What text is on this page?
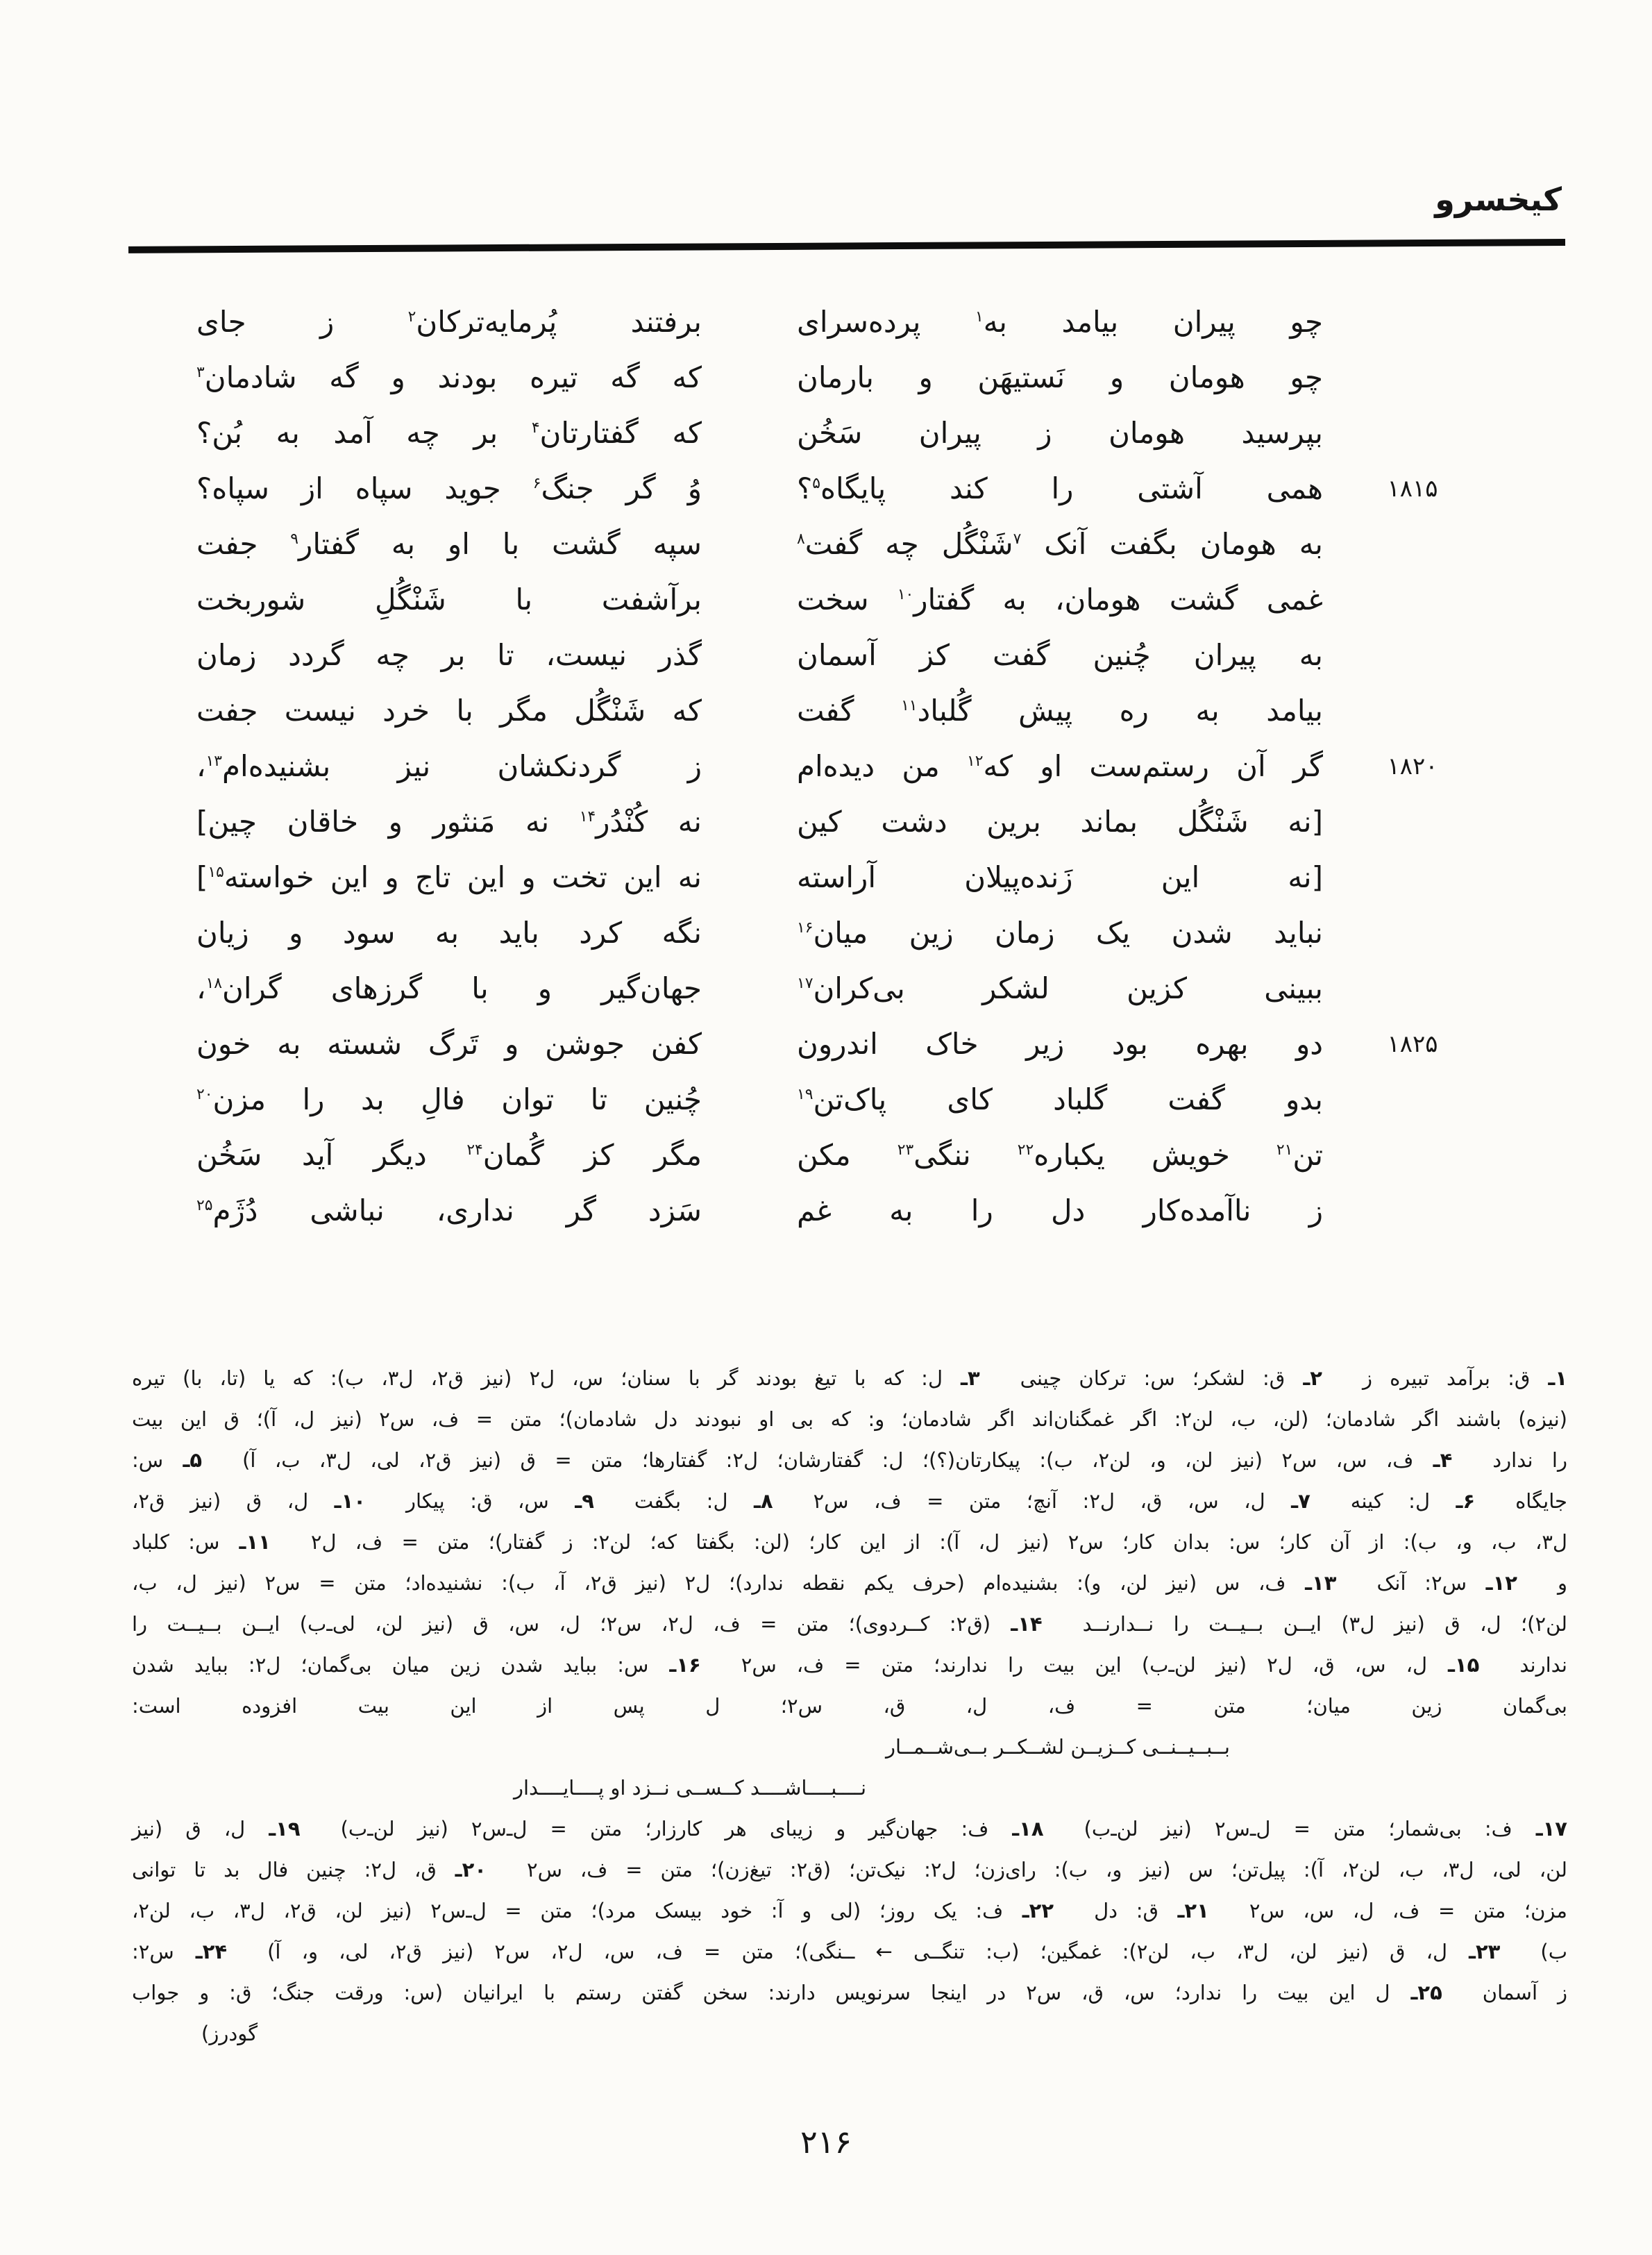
کیخسرو
چو پیران بیامد به$^۱$ پرده‌سرای
برفتند پُرمایه‌ترکان$^۲$ ز جای
چو هومان و نَستیهَن و بارمان
که گه تیره بودند و گه شادمان$^۳$
بپرسید هومان ز پیران سَخُن
که گفتارتان$^۴$ بر چه آمد به بُن؟
۱۸۱۵
همی آشتی را کند پایگاه$^۵$؟
وُ گر جنگ$^۶$ جوید سپاه از سپاه؟
به هومان بگفت آنک $^۷$شَنْگُل چه گفت$^۸$
سپه گشت با او به گفتار$^۹$ جفت
غمی گشت هومان، به گفتار$^{۱۰}$ سخت
برآشفت با شَنْگُلِ شوربخت
به پیران چُنین گفت کز آسمان
گذر نیست، تا بر چه گردد زمان
بیامد به ره پیش گُلباد$^{۱۱}$ گفت
که شَنْگُل مگر با خرد نیست جفت
۱۸۲۰
گر آن رستم‌ست او که$^{۱۲}$ من دیده‌ام
ز گردنکشان نیز بشنیده‌ام$^{۱۳}$،
[نه شَنْگُل بماند برین دشت کین
نه کُنْدُر$^{۱۴}$ نه مَنثور و خاقان چین]
[نه این زَنده‌پیلان آراسته
نه این تخت و این تاج و این خواسته$^{۱۵}$]
نباید شدن یک زمان زین میان$^{۱۶}$
نگه کرد باید به سود و زیان
ببینی کزین لشکر بی‌کران$^{۱۷}$
جهان‌گیر و با گرزهای گران$^{۱۸}$،
۱۸۲۵
دو بهره بود زیر خاک اندرون
کفن جوشن و تَرگ شسته به خون
بدو گفت گلباد کای پاک‌تن$^{۱۹}$
چُنین تا توان فالِ بد را مزن$^{۲۰}$
تن$^{۲۱}$ خویش یکباره$^{۲۲}$ ننگی$^{۲۳}$ مکن
مگر کز گُمان$^{۲۴}$ دیگر آید سَخُن
ز ناآمده‌کار دل را به غم
سَزد گر نداری، نباشی دُژَم$^{۲۵}$
۱ـ ق: برآمد تبیره ز  ۲ـ ق: لشکر؛ س: ترکان چینی  ۳ـ ل: که با تیغ بودند گر با سنان؛ س، ل۲ (نیز ق۲، ل۳، ب): که یا (تا، با) تیره
(نیزه) باشند اگر شادمان؛ (لن، ب، لن۲: اگر غمگنان‌اند اگر شادمان؛ و: که بی او نبودند دل شادمان)؛ متن = ف، س۲ (نیز ل، آ)؛ ق این بیت
را ندارد  ۴ـ ف، س، س۲ (نیز لن، و، لن۲، ب): پیکارتان(؟)؛ ل: گفتارشان؛ ل۲: گفتارها؛ متن = ق (نیز ق۲، لی، ل۳، ب، آ)  ۵ـ س:
جایگاه  ۶ـ ل: کینه  ۷ـ ل، س، ق، ل۲: آنچ؛ متن = ف، س۲  ۸ـ ل: بگفت  ۹ـ س، ق: پیکار  ۱۰ـ ل، ق (نیز ق۲،
ل۳، ب، و، ب): از آن کار؛ س: بدان کار؛ س۲ (نیز ل، آ): از این کار؛ (لن: بگفتا که؛ لن۲: ز گفتار)؛ متن = ف، ل۲  ۱۱ـ س: کلباد
و  ۱۲ـ س۲: آنک  ۱۳ـ ف، س (نیز لن، و): بشنیده‌ام (حرف یکم نقطه ندارد)؛ ل۲ (نیز ق۲، آ، ب): نشنیده‌اد؛ متن = س۲ (نیز ل، ب،
لن۲)؛ ل، ق (نیز ل۳) ایــن بــیــت را نــدارنــد  ۱۴ـ (ق۲: کــردوی)؛ متن = ف، ل۲، س۲؛ ل، س، ق (نیز لن، لی‌ـ‌ب) ایــن بــیــت را
ندارند  ۱۵ـ ل، س، ق، ل۲ (نیز لن‌ـ‌ب) این بیت را ندارند؛ متن = ف، س۲  ۱۶ـ س: بباید شدن زین میان بی‌گمان؛ ل۲: بباید شدن
بی‌گمان زین میان؛ متن = ف، ل، ق، س۲؛ ل پس از این بیت افزوده است:
بــبــیــنــی کــزیــن لشــکــر بــی‌شــمــار
نــــبــــاشــــد کــســی نــزد او پــــایــــدار
۱۷ـ ف: بی‌شمار؛ متن = ل‌ـ‌س۲ (نیز لن‌ـ‌ب)  ۱۸ـ ف: جهان‌گیر و زیبای هر کارزار؛ متن = ل‌ـ‌س۲ (نیز لن‌ـ‌ب)  ۱۹ـ ل، ق (نیز
لن، لی، ل۳، ب، لن۲، آ): پیل‌تن؛ س (نیز و، ب): رای‌زن؛ ل۲: نیک‌تن؛ (ق۲: تیغ‌زن)؛ متن = ف، س۲  ۲۰ـ ق، ل۲: چنین فال بد تا توانی
مزن؛ متن = ف، ل، س، س۲  ۲۱ـ ق: دل  ۲۲ـ ف: یک روز؛ (لی و آ: خود بیسک مرد)؛ متن = ل‌ـ‌س۲ (نیز لن، ق۲، ل۳، ب، لن۲،
ب)  ۲۳ـ ل، ق (نیز لن، ل۳، ب، لن۲): غمگین؛ (ب: تنگــی ← ــنگی)؛ متن = ف، س، ل۲، س۲ (نیز ق۲، لی، و، آ)  ۲۴ـ س۲:
ز آسمان  ۲۵ـ ل این بیت را ندارد؛ س، ق، س۲ در اینجا سرنویس دارند: سخن گفتن رستم با ایرانیان (س: ورقت جنگ؛ ق: و جواب
گودرز)
۲۱۶
